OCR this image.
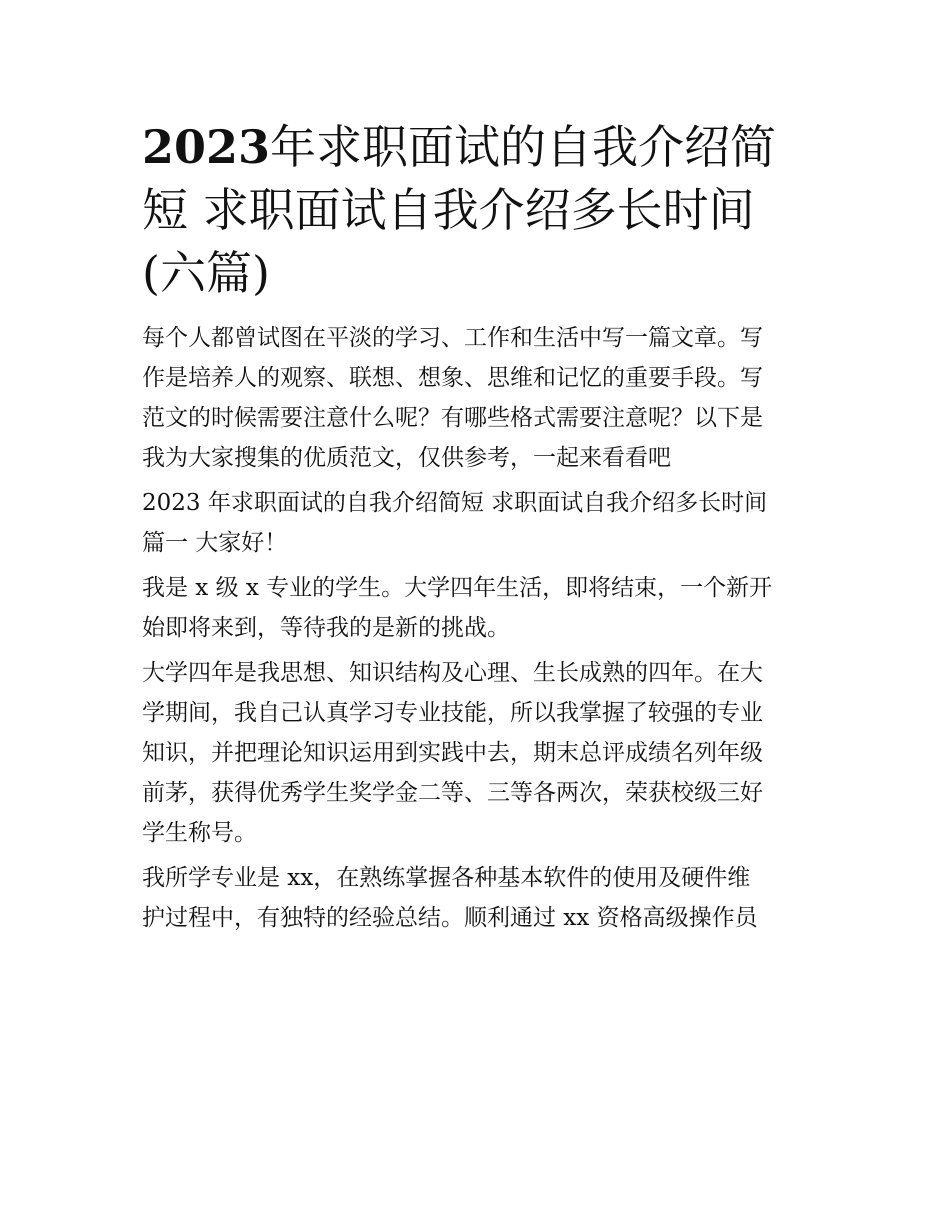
2023年求职面试的自我介绍简
短 求职面试自我介绍多长时间
(六篇)

每个人都曾试图在平淡的学习、工作和生活中写一篇文章。写
作是培养人的观察、联想、想象、思维和记忆的重要手段。写
范文的时候需要注意什么呢？有哪些格式需要注意呢？以下是
我为大家搜集的优质范文，仅供参考，一起来看看吧

2023 年求职面试的自我介绍简短 求职面试自我介绍多长时间
篇一 大家好！

我是 x 级 x 专业的学生。大学四年生活，即将结束，一个新开
始即将来到，等待我的是新的挑战。

大学四年是我思想、知识结构及心理、生长成熟的四年。在大
学期间，我自己认真学习专业技能，所以我掌握了较强的专业
知识，并把理论知识运用到实践中去，期末总评成绩名列年级
前茅，获得优秀学生奖学金二等、三等各两次，荣获校级三好
学生称号。

我所学专业是 xx，在熟练掌握各种基本软件的使用及硬件维
护过程中，有独特的经验总结。顺利通过 xx 资格高级操作员
